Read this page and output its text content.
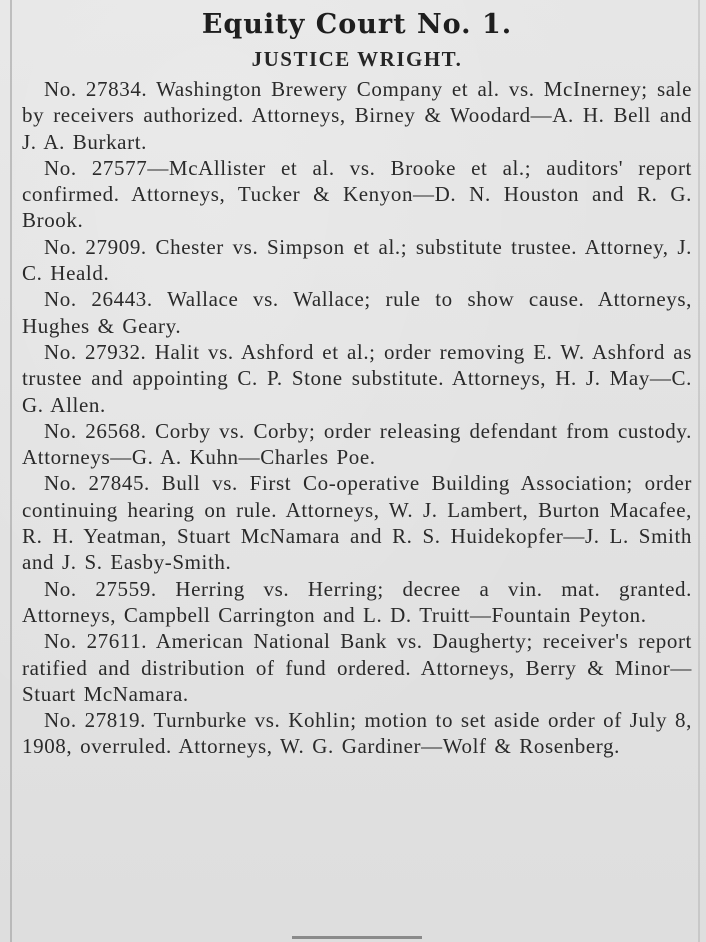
Equity Court No. 1.
JUSTICE WRIGHT.

No. 27834. Washington Brewery Company et al. vs. McInerney; sale by receivers authorized. Attorneys, Birney & Woodard—A. H. Bell and J. A. Burkart.

No. 27577—McAllister et al. vs. Brooke et al.; auditors' report confirmed. Attorneys, Tucker & Kenyon—D. N. Houston and R. G. Brook.

No. 27909. Chester vs. Simpson et al.; substitute trustee. Attorney, J. C. Heald.

No. 26443. Wallace vs. Wallace; rule to show cause. Attorneys, Hughes & Geary.

No. 27932. Halit vs. Ashford et al.; order removing E. W. Ashford as trustee and appointing C. P. Stone substitute. Attorneys, H. J. May—C. G. Allen.

No. 26568. Corby vs. Corby; order releasing defendant from custody. Attorneys—G. A. Kuhn—Charles Poe.

No. 27845. Bull vs. First Co-operative Building Association; order continuing hearing on rule. Attorneys, W. J. Lambert, Burton Macafee, R. H. Yeatman, Stuart McNamara and R. S. Huidekopfer—J. L. Smith and J. S. Easby-Smith.

No. 27559. Herring vs. Herring; decree a vin. mat. granted. Attorneys, Campbell Carrington and L. D. Truitt—Fountain Peyton.

No. 27611. American National Bank vs. Daugherty; receiver's report ratified and distribution of fund ordered. Attorneys, Berry & Minor—Stuart McNamara.

No. 27819. Turnburke vs. Kohlin; motion to set aside order of July 8, 1908, overruled. Attorneys, W. G. Gardiner—Wolf & Rosenberg.
